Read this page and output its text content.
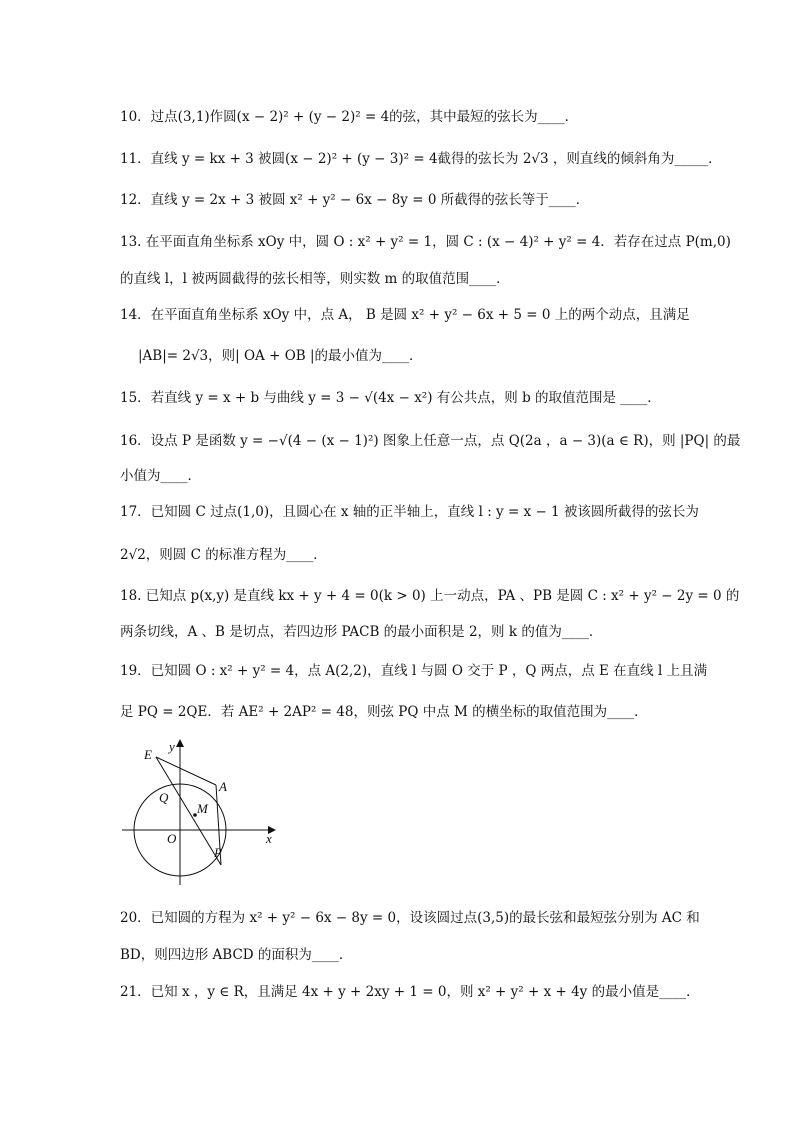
10．过点(3,1)作圆(x − 2)² + (y − 2)² = 4的弦，其中最短的弦长为____．
11．直线 y = kx + 3 被圆(x − 2)² + (y − 3)² = 4截得的弦长为 2√3 ，则直线的倾斜角为_____．
12．直线 y = 2x + 3 被圆 x² + y² − 6x − 8y = 0 所截得的弦长等于____．
13. 在平面直角坐标系 xOy 中，圆 O : x² + y² = 1，圆 C : (x − 4)² + y² = 4．若存在过点 P(m,0)
的直线 l，l 被两圆截得的弦长相等，则实数 m 的取值范围____．
14．在平面直角坐标系 xOy 中，点 A， B 是圆 x² + y² − 6x + 5 = 0 上的两个动点，且满足
|AB|= 2√3，则| OA + OB |的最小值为____．
15．若直线 y = x + b 与曲线 y = 3 − √(4x − x²) 有公共点，则 b 的取值范围是 ____．
16．设点 P 是函数 y = −√(4 − (x − 1)²) 图象上任意一点，点 Q(2a ，a − 3)(a ∈ R)，则 |PQ| 的最
小值为____．
17．已知圆 C 过点(1,0)，且圆心在 x 轴的正半轴上，直线 l : y = x − 1 被该圆所截得的弦长为
2√2，则圆 C 的标准方程为____．
18. 已知点 p(x,y) 是直线 kx + y + 4 = 0(k > 0) 上一动点，PA 、PB 是圆 C : x² + y² − 2y = 0 的
两条切线，A 、B 是切点，若四边形 PACB 的最小面积是 2，则 k 的值为____．
19．已知圆 O : x² + y² = 4，点 A(2,2)，直线 l 与圆 O 交于 P ，Q 两点，点 E 在直线 l 上且满
足 PQ = 2QE．若 AE² + 2AP² = 48，则弦 PQ 中点 M 的横坐标的取值范围为____．
E
A
Q
M
O
P
x
y
20．已知圆的方程为 x² + y² − 6x − 8y = 0，设该圆过点(3,5)的最长弦和最短弦分别为 AC 和
BD，则四边形 ABCD 的面积为____．
21．已知 x ，y ∈ R，且满足 4x + y + 2xy + 1 = 0，则 x² + y² + x + 4y 的最小值是____．
